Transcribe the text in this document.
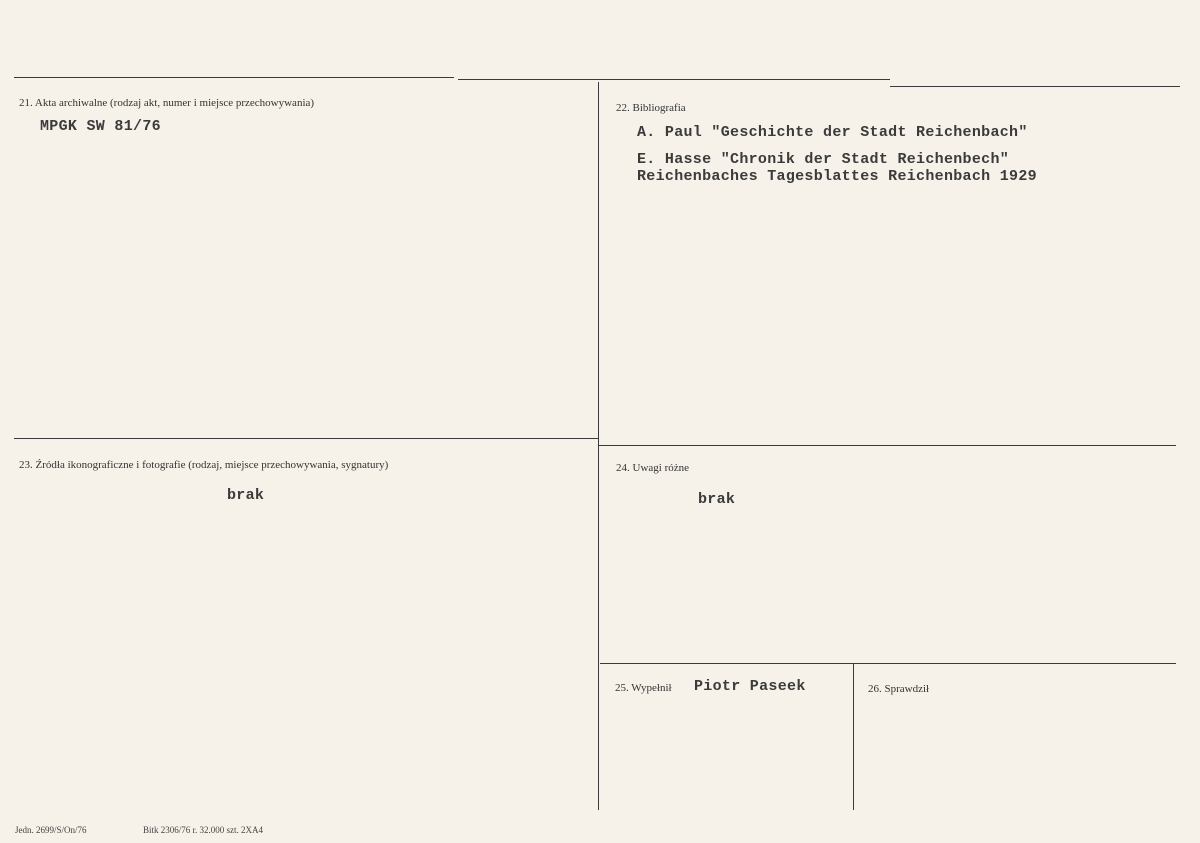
21. Akta archiwalne (rodzaj akt, numer i miejsce przechowywania)
MPGK SW 81/76
22. Bibliografia
A. Paul "Geschichte der Stadt Reichenbach"
E. Hasse "Chronik der Stadt Reichenbech"
Reichenbaches Tagesblattes Reichenbach 1929
23. Źródła ikonograficzne i fotografie (rodzaj, miejsce przechowywania, sygnatury)
brak
24. Uwagi różne
brak
25. Wypełnił Piotr Paseek	26. Sprawdził
Jedn. 2699/S/On/76	Bitk 2306/76 r. 32.000 szt. 2XA4
